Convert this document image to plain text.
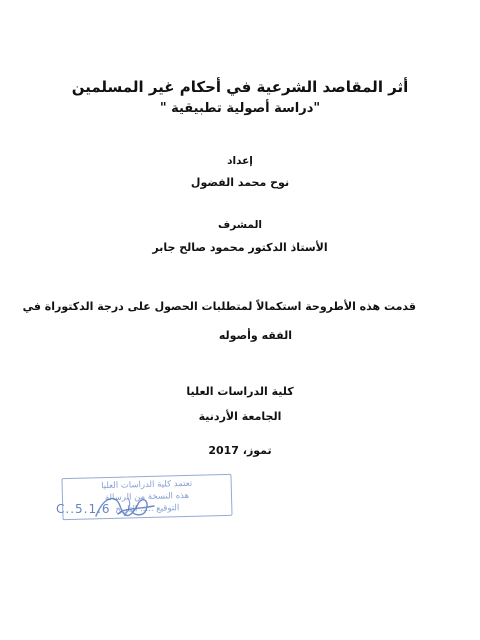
أثر المقاصد الشرعية في أحكام غير المسلمين
"دراسة أصولية تطبيقية "
إعداد
نوح محمد الفضول
المشرف
الأستاذ الدكتور محمود صالح جابر
قدمت هذه الأطروحة استكمالاً لمتطلبات الحصول على درجة الدكتوراة في
الفقه وأصوله
كلية الدراسات العليا
الجامعة الأردنية
تموز، 2017
تعتمد كلية الدراسات العليا
هذه النسخة من الرسالة
التوقيع ..... التاريخ
C..5.1.6
